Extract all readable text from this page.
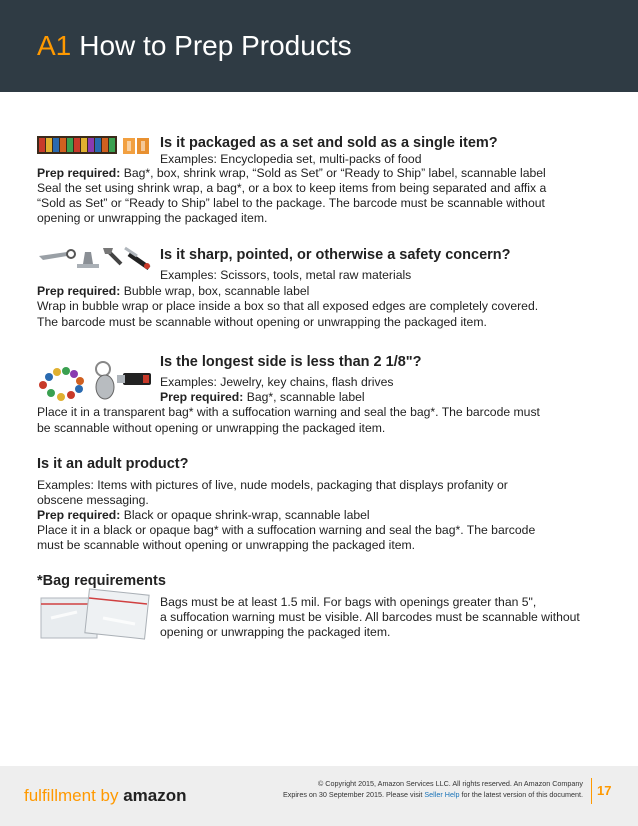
A1 How to Prep Products
Is it packaged as a set and sold as a single item?
Examples: Encyclopedia set, multi-packs of food
Prep required: Bag*, box, shrink wrap, “Sold as Set” or “Ready to Ship” label, scannable label
Seal the set using shrink wrap, a bag*, or a box to keep items from being separated and affix a
“Sold as Set” or “Ready to Ship” label to the package. The barcode must be scannable without
opening or unwrapping the packaged item.
Is it sharp, pointed, or otherwise a safety concern?
Examples: Scissors, tools, metal raw materials
Prep required: Bubble wrap, box, scannable label
Wrap in bubble wrap or place inside a box so that all exposed edges are completely covered.
The barcode must be scannable without opening or unwrapping the packaged item.
Is the longest side is less than 2 1/8"?
Examples: Jewelry, key chains, flash drives
Prep required: Bag*, scannable label
Place it in a transparent bag* with a suffocation warning and seal the bag*. The barcode must
be scannable without opening or unwrapping the packaged item.
Is it an adult product?
Examples: Items with pictures of live, nude models, packaging that displays profanity or
obscene messaging.
Prep required: Black or opaque shrink-wrap, scannable label
Place it in a black or opaque bag* with a suffocation warning and seal the bag*. The barcode
must be scannable without opening or unwrapping the packaged item.
*Bag requirements
Bags must be at least 1.5 mil. For bags with openings greater than 5",
a suffocation warning must be visible. All barcodes must be scannable without
opening or unwrapping the packaged item.
fulfillment by amazon
© Copyright 2015, Amazon Services LLC. All rights reserved. An Amazon Company
Expires on 30 September 2015. Please visit Seller Help for the latest version of this document. 17
